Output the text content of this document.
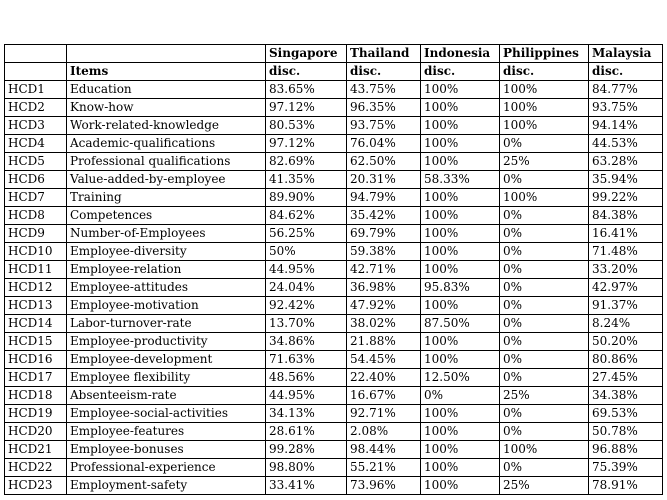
		Singapore	Thailand	Indonesia	Philippines	Malaysia
	Items	disc.	disc.	disc.	disc.	disc.
HCD1	Education	83.65%	43.75%	100%	100%	84.77%
HCD2	Know-how	97.12%	96.35%	100%	100%	93.75%
HCD3	Work-related-knowledge	80.53%	93.75%	100%	100%	94.14%
HCD4	Academic-qualifications	97.12%	76.04%	100%	0%	44.53%
HCD5	Professional qualifications	82.69%	62.50%	100%	25%	63.28%
HCD6	Value-added-by-employee	41.35%	20.31%	58.33%	0%	35.94%
HCD7	Training	89.90%	94.79%	100%	100%	99.22%
HCD8	Competences	84.62%	35.42%	100%	0%	84.38%
HCD9	Number-of-Employees	56.25%	69.79%	100%	0%	16.41%
HCD10	Employee-diversity	50%	59.38%	100%	0%	71.48%
HCD11	Employee-relation	44.95%	42.71%	100%	0%	33.20%
HCD12	Employee-attitudes	24.04%	36.98%	95.83%	0%	42.97%
HCD13	Employee-motivation	92.42%	47.92%	100%	0%	91.37%
HCD14	Labor-turnover-rate	13.70%	38.02%	87.50%	0%	8.24%
HCD15	Employee-productivity	34.86%	21.88%	100%	0%	50.20%
HCD16	Employee-development	71.63%	54.45%	100%	0%	80.86%
HCD17	Employee flexibility	48.56%	22.40%	12.50%	0%	27.45%
HCD18	Absenteeism-rate	44.95%	16.67%	0%	25%	34.38%
HCD19	Employee-social-activities	34.13%	92.71%	100%	0%	69.53%
HCD20	Employee-features	28.61%	2.08%	100%	0%	50.78%
HCD21	Employee-bonuses	99.28%	98.44%	100%	100%	96.88%
HCD22	Professional-experience	98.80%	55.21%	100%	0%	75.39%
HCD23	Employment-safety	33.41%	73.96%	100%	25%	78.91%
